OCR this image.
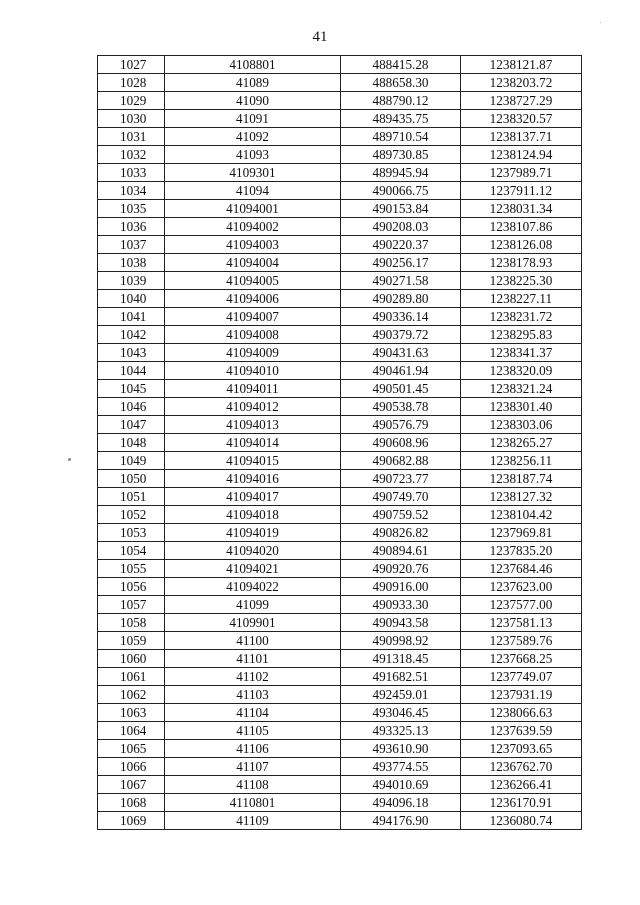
41
1027	4108801	488415.28	1238121.87
1028	41089	488658.30	1238203.72
1029	41090	488790.12	1238727.29
1030	41091	489435.75	1238320.57
1031	41092	489710.54	1238137.71
1032	41093	489730.85	1238124.94
1033	4109301	489945.94	1237989.71
1034	41094	490066.75	1237911.12
1035	41094001	490153.84	1238031.34
1036	41094002	490208.03	1238107.86
1037	41094003	490220.37	1238126.08
1038	41094004	490256.17	1238178.93
1039	41094005	490271.58	1238225.30
1040	41094006	490289.80	1238227.11
1041	41094007	490336.14	1238231.72
1042	41094008	490379.72	1238295.83
1043	41094009	490431.63	1238341.37
1044	41094010	490461.94	1238320.09
1045	41094011	490501.45	1238321.24
1046	41094012	490538.78	1238301.40
1047	41094013	490576.79	1238303.06
1048	41094014	490608.96	1238265.27
1049	41094015	490682.88	1238256.11
1050	41094016	490723.77	1238187.74
1051	41094017	490749.70	1238127.32
1052	41094018	490759.52	1238104.42
1053	41094019	490826.82	1237969.81
1054	41094020	490894.61	1237835.20
1055	41094021	490920.76	1237684.46
1056	41094022	490916.00	1237623.00
1057	41099	490933.30	1237577.00
1058	4109901	490943.58	1237581.13
1059	41100	490998.92	1237589.76
1060	41101	491318.45	1237668.25
1061	41102	491682.51	1237749.07
1062	41103	492459.01	1237931.19
1063	41104	493046.45	1238066.63
1064	41105	493325.13	1237639.59
1065	41106	493610.90	1237093.65
1066	41107	493774.55	1236762.70
1067	41108	494010.69	1236266.41
1068	4110801	494096.18	1236170.91
1069	41109	494176.90	1236080.74
